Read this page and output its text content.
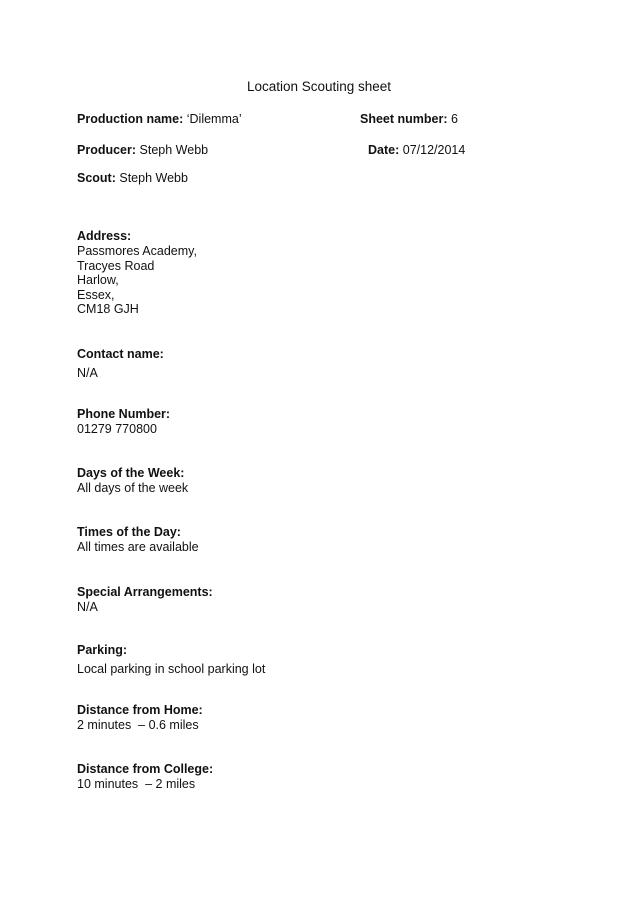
Location Scouting sheet
Production name: ‘Dilemma’	Sheet number: 6
Producer: Steph Webb	Date: 07/12/2014
Scout: Steph Webb
Address:
Passmores Academy,
Tracyes Road
Harlow,
Essex,
CM18 GJH
Contact name:
N/A
Phone Number:
01279 770800
Days of the Week:
All days of the week
Times of the Day:
All times are available
Special Arrangements:
N/A
Parking:
Local parking in school parking lot
Distance from Home:
2 minutes  – 0.6 miles
Distance from College:
10 minutes  – 2 miles
